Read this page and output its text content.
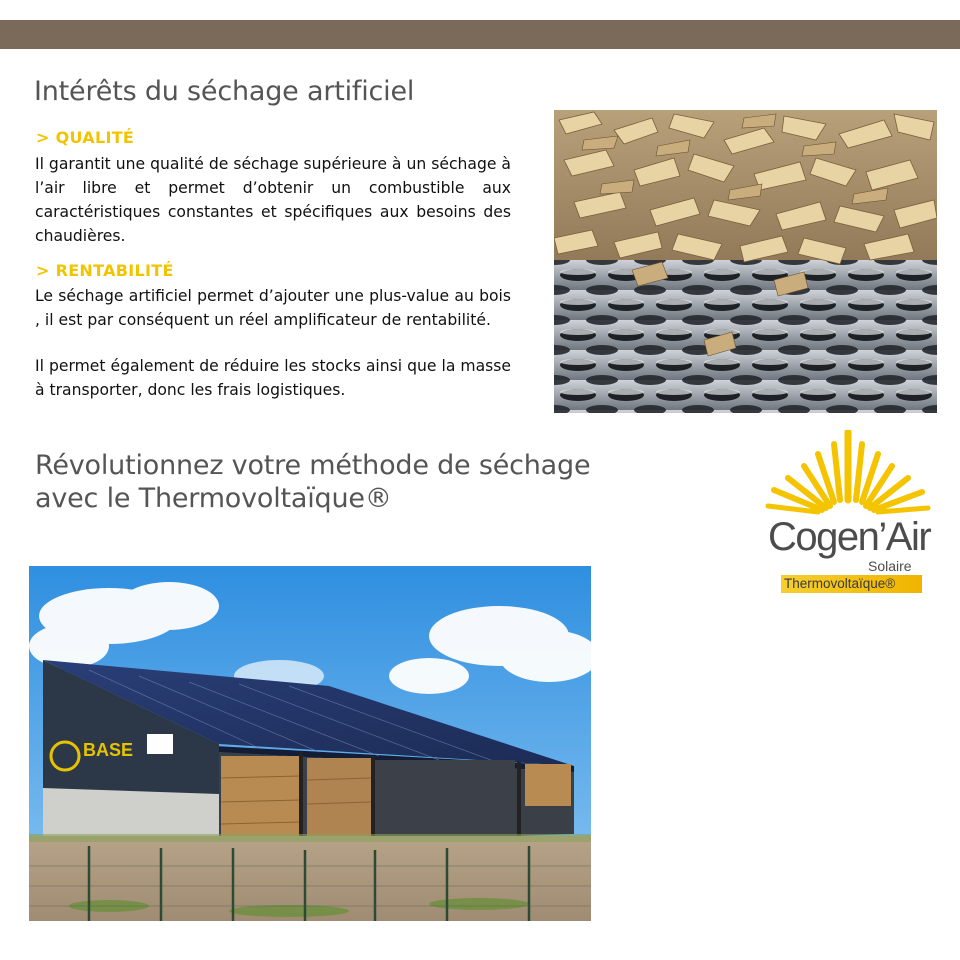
Intérêts du séchage artificiel
> QUALITÉ
Il garantit une qualité de séchage supérieure à un séchage à l’air libre et permet d’obtenir un combustible aux caractéristiques constantes et spécifiques aux besoins des chaudières.
> RENTABILITÉ
Le séchage artificiel permet d’ajouter une plus-value au bois , il est par conséquent un réel amplificateur de rentabilité.
Il permet également de réduire les stocks ainsi que la masse à transporter, donc les frais logistiques.
Révolutionnez votre méthode de séchage
avec le Thermovoltaïque®
Cogen’Air
Solaire
Thermovoltaïque®
BASE
